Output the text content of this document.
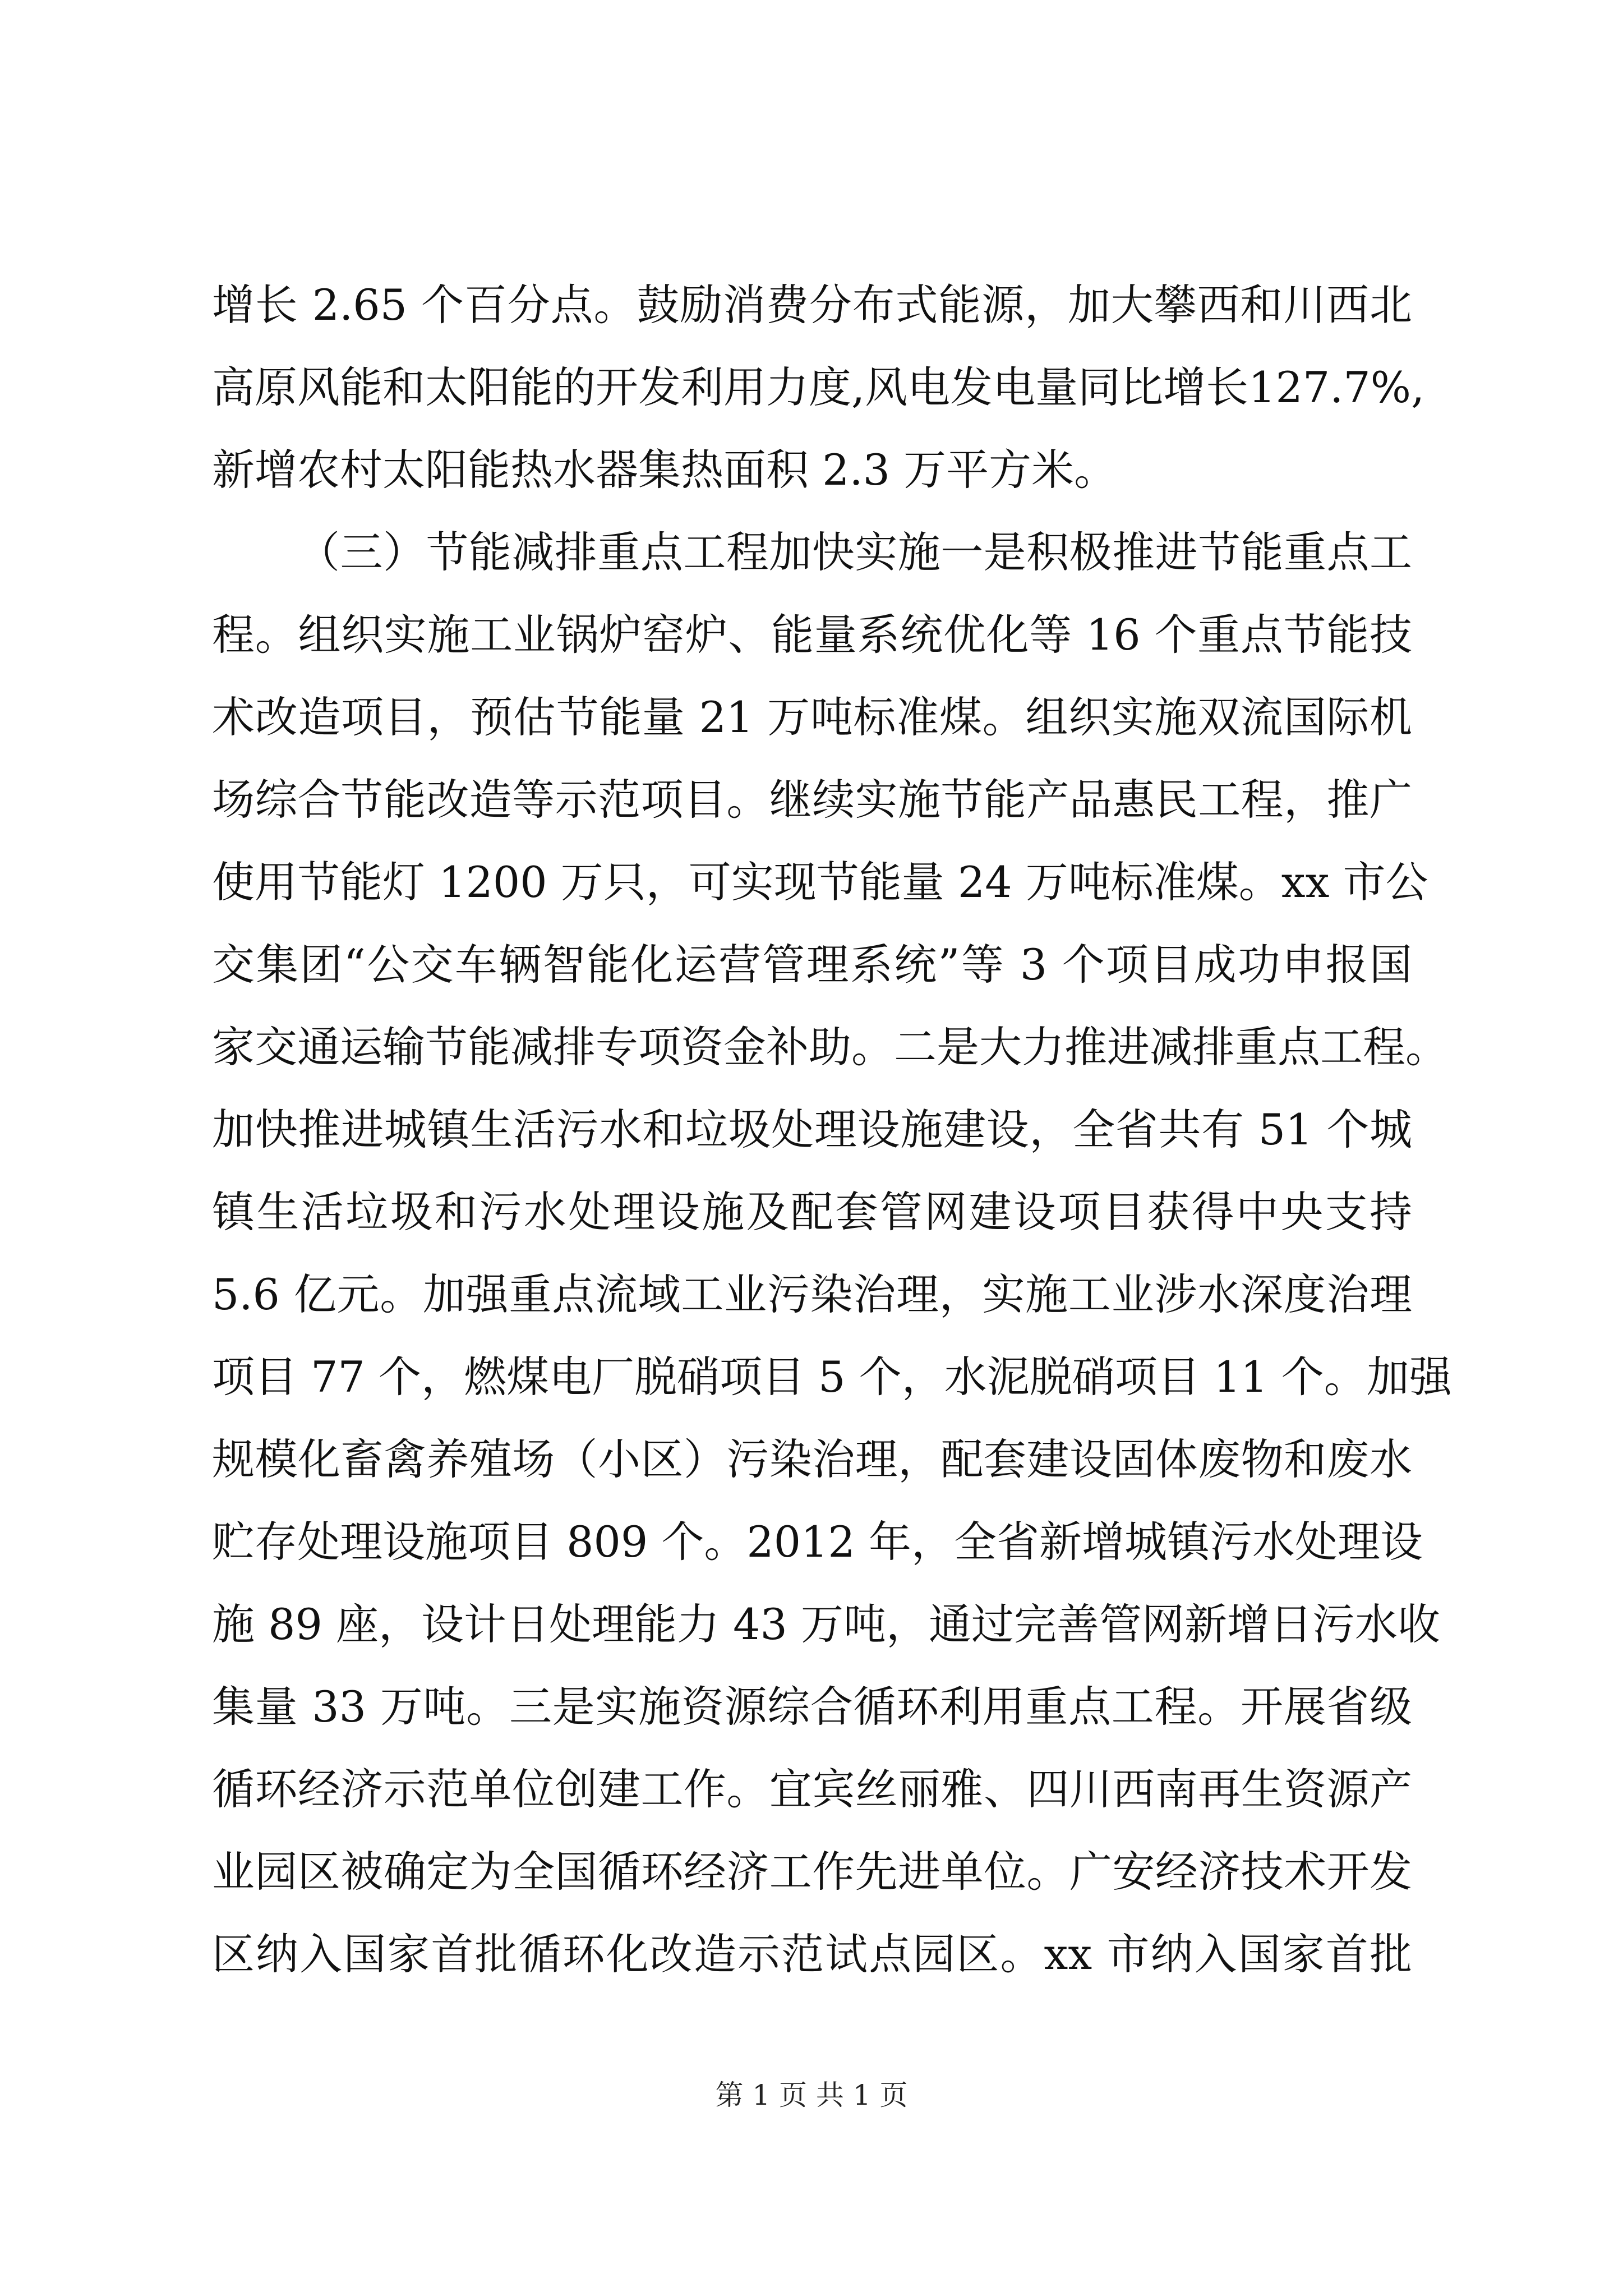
增长 2.65 个百分点。鼓励消费分布式能源，加大攀西和川西北
高原风能和太阳能的开发利用力度,风电发电量同比增长127.7%,
新增农村太阳能热水器集热面积 2.3 万平方米。
（三）节能减排重点工程加快实施一是积极推进节能重点工
程。组织实施工业锅炉窑炉、能量系统优化等 16 个重点节能技
术改造项目，预估节能量 21 万吨标准煤。组织实施双流国际机
场综合节能改造等示范项目。继续实施节能产品惠民工程，推广
使用节能灯 1200 万只，可实现节能量 24 万吨标准煤。xx 市公
交集团“公交车辆智能化运营管理系统”等 3 个项目成功申报国
家交通运输节能减排专项资金补助。二是大力推进减排重点工程。
加快推进城镇生活污水和垃圾处理设施建设，全省共有 51 个城
镇生活垃圾和污水处理设施及配套管网建设项目获得中央支持
5.6 亿元。加强重点流域工业污染治理，实施工业涉水深度治理
项目 77 个，燃煤电厂脱硝项目 5 个，水泥脱硝项目 11 个。加强
规模化畜禽养殖场（小区）污染治理，配套建设固体废物和废水
贮存处理设施项目 809 个。2012 年，全省新增城镇污水处理设
施 89 座，设计日处理能力 43 万吨，通过完善管网新增日污水收
集量 33 万吨。三是实施资源综合循环利用重点工程。开展省级
循环经济示范单位创建工作。宜宾丝丽雅、四川西南再生资源产
业园区被确定为全国循环经济工作先进单位。广安经济技术开发
区纳入国家首批循环化改造示范试点园区。xx 市纳入国家首批
第 1 页 共 1 页
